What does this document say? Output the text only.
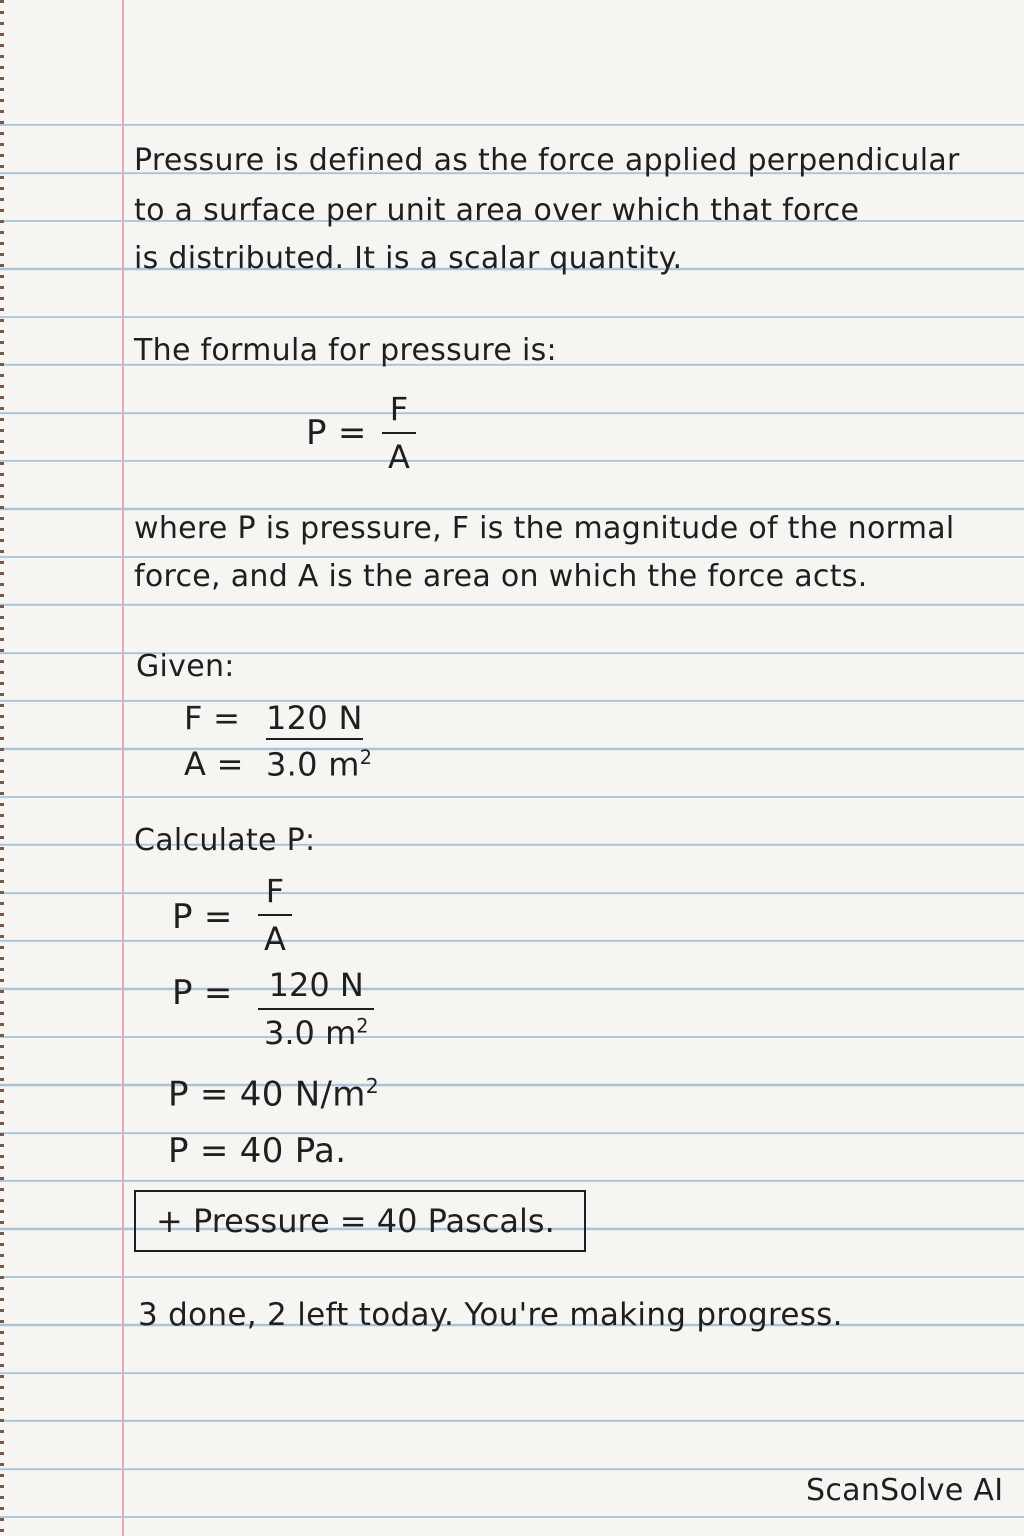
Pressure is defined as the force applied perpendicular
to a surface per unit area over which that force
is distributed. It is a scalar quantity.
The formula for pressure is:
$P = \frac{F}{A}$
where P is pressure, F is the magnitude of the normal
force, and A is the area on which the force acts.
Given:
F = 120 N
A = 3.0 $m^2$
Calculate P:
$P = \frac{F}{A}$
$P = \frac{120 N}{3.0 m^2}$
P = 40 $N/m^2$
P = 40 Pa.
+ Pressure = 40 Pascals.
3 done, 2 left today. You're making progress.
ScanSolve AI
